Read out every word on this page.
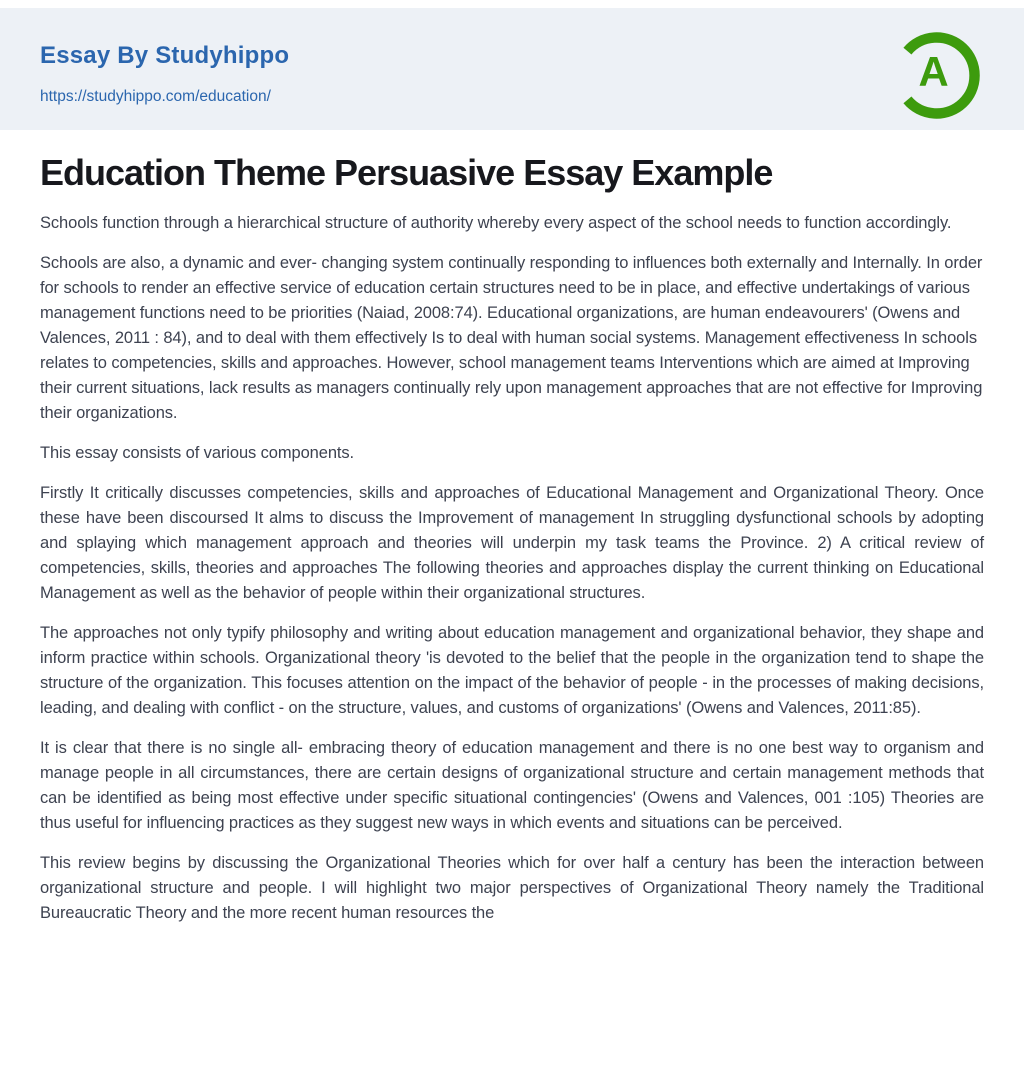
Essay By Studyhippo
https://studyhippo.com/education/
A
Education Theme Persuasive Essay Example

Schools function through a hierarchical structure of authority whereby every aspect of the school needs to function accordingly.

Schools are also, a dynamic and ever- changing system continually responding to influences both externally and Internally. In order for schools to render an effective service of education certain structures need to be in place, and effective undertakings of various management functions need to be priorities (Naiad, 2008:74). Educational organizations, are human endeavourers' (Owens and Valences, 2011 : 84), and to deal with them effectively Is to deal with human social systems. Management effectiveness In schools relates to competencies, skills and approaches. However, school management teams Interventions which are aimed at Improving their current situations, lack results as managers continually rely upon management approaches that are not effective for Improving their organizations.

This essay consists of various components.

Firstly It critically discusses competencies, skills and approaches of Educational Management and Organizational Theory. Once these have been discoursed It alms to discuss the Improvement of management In struggling dysfunctional schools by adopting and splaying which management approach and theories will underpin my task teams the Province. 2) A critical review of competencies, skills, theories and approaches The following theories and approaches display the current thinking on Educational Management as well as the behavior of people within their organizational structures.

The approaches not only typify philosophy and writing about education management and organizational behavior, they shape and inform practice within schools. Organizational theory 'is devoted to the belief that the people in the organization tend to shape the structure of the organization. This focuses attention on the impact of the behavior of people - in the processes of making decisions, leading, and dealing with conflict - on the structure, values, and customs of organizations' (Owens and Valences, 2011:85).

It is clear that there is no single all- embracing theory of education management and there is no one best way to organism and manage people in all circumstances, there are certain designs of organizational structure and certain management methods that can be identified as being most effective under specific situational contingencies' (Owens and Valences, 001 :105) Theories are thus useful for influencing practices as they suggest new ways in which events and situations can be perceived.

This review begins by discussing the Organizational Theories which for over half a century has been the interaction between organizational structure and people. I will highlight two major perspectives of Organizational Theory namely the Traditional Bureaucratic Theory and the more recent human resources the
